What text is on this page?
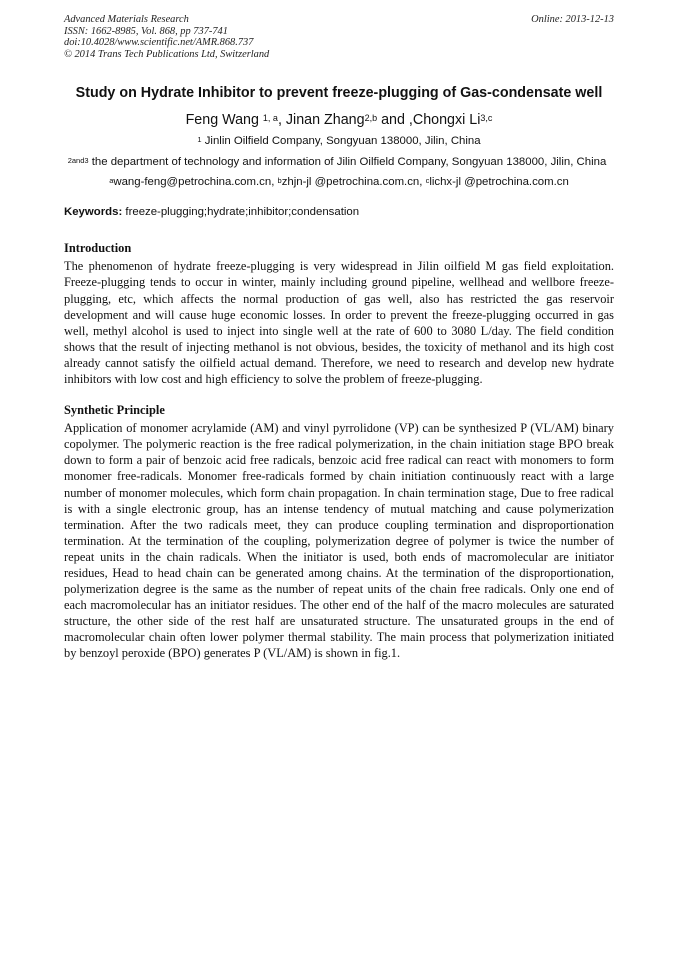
Advanced Materials Research
ISSN: 1662-8985, Vol. 868, pp 737-741
doi:10.4028/www.scientific.net/AMR.868.737
© 2014 Trans Tech Publications Ltd, Switzerland
Online: 2013-12-13
Study on Hydrate Inhibitor to prevent freeze-plugging of Gas-condensate well
Feng Wang $^{1, a}$, Jinan Zhang$^{2,b}$ and ,Chongxi Li$^{3,c}$
$^1$ Jinlin Oilfield Company, Songyuan 138000, Jilin, China
$^{2and3}$ the department of technology and information of Jilin Oilfield Company, Songyuan 138000, Jilin, China
$^a$wang-feng@petrochina.com.cn, $^b$zhjn-jl @petrochina.com.cn, $^c$lichx-jl @petrochina.com.cn
Keywords: freeze-plugging;hydrate;inhibitor;condensation
Introduction

The phenomenon of hydrate freeze-plugging is very widespread in Jilin oilfield M gas field exploitation. Freeze-plugging tends to occur in winter, mainly including ground pipeline, wellhead and wellbore freeze-plugging, etc, which affects the normal production of gas well, also has restricted the gas reservoir development and will cause huge economic losses. In order to prevent the freeze-plugging occurred in gas well, methyl alcohol is used to inject into single well at the rate of 600 to 3080 L/day. The field condition shows that the result of injecting methanol is not obvious, besides, the toxicity of methanol and its high cost already cannot satisfy the oilfield actual demand. Therefore, we need to research and develop new hydrate inhibitors with low cost and high efficiency to solve the problem of freeze-plugging.

Synthetic Principle

Application of monomer acrylamide (AM) and vinyl pyrrolidone (VP) can be synthesized P (VL/AM) binary copolymer. The polymeric reaction is the free radical polymerization, in the chain initiation stage BPO break down to form a pair of benzoic acid free radicals, benzoic acid free radical can react with monomers to form monomer free-radicals. Monomer free-radicals formed by chain initiation continuously react with a large number of monomer molecules, which form chain propagation. In chain termination stage, Due to free radical is with a single electronic group, has an intense tendency of mutual matching and cause polymerization termination. After the two radicals meet, they can produce coupling termination and disproportionation termination. At the termination of the coupling, polymerization degree of polymer is twice the number of repeat units in the chain radicals. When the initiator is used, both ends of macromolecular are initiator residues, Head to head chain can be generated among chains. At the termination of the disproportionation, polymerization degree is the same as the number of repeat units of the chain free radicals. Only one end of each macromolecular has an initiator residues. The other end of the half of the macro molecules are saturated structure, the other side of the rest half are unsaturated structure. The unsaturated groups in the end of macromolecular chain often lower polymer thermal stability. The main process that polymerization initiated by benzoyl peroxide (BPO) generates P (VL/AM) is shown in fig.1.
